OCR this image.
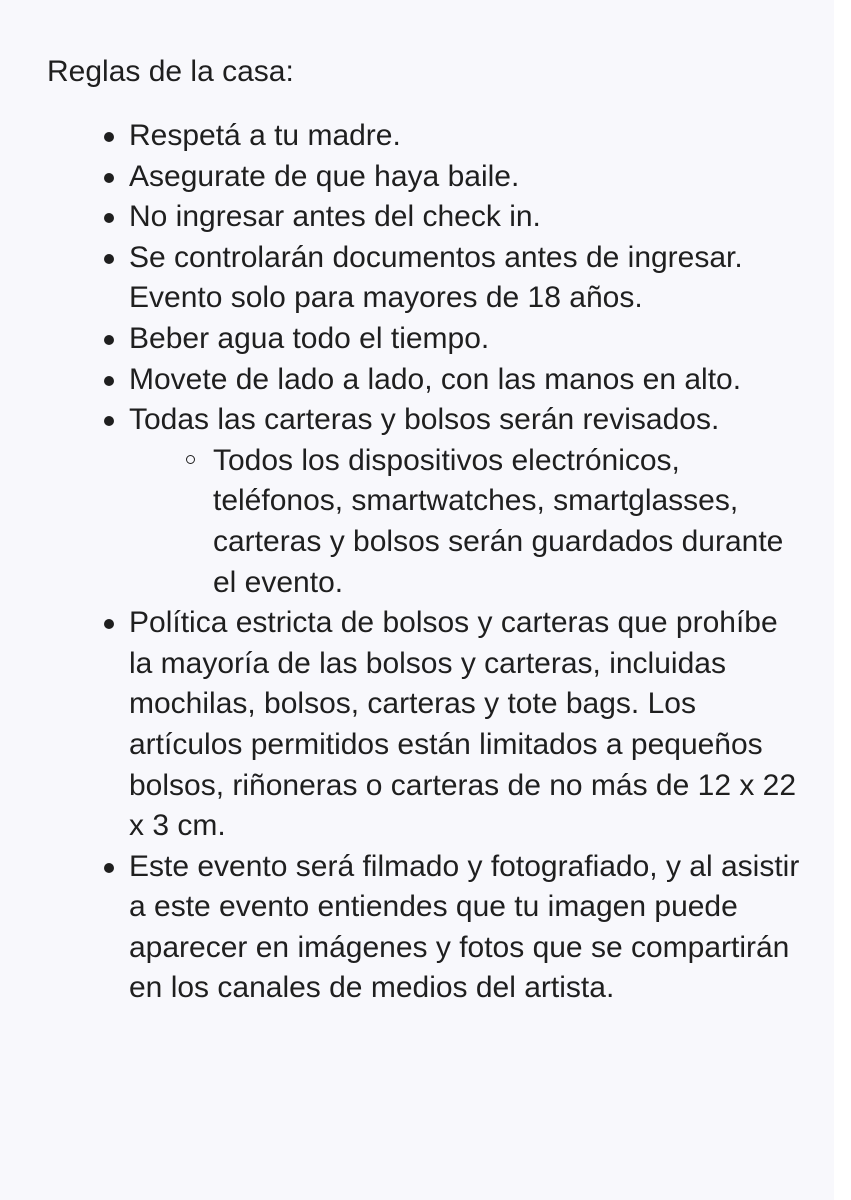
Reglas de la casa:
Respetá a tu madre.
Asegurate de que haya baile.
No ingresar antes del check in.
Se controlarán documentos antes de ingresar. Evento solo para mayores de 18 años.
Beber agua todo el tiempo.
Movete de lado a lado, con las manos en alto.
Todas las carteras y bolsos serán revisados.
Todos los dispositivos electrónicos, teléfonos, smartwatches, smartglasses, carteras y bolsos serán guardados durante el evento.
Política estricta de bolsos y carteras que prohíbe la mayoría de las bolsos y carteras, incluidas mochilas, bolsos, carteras y tote bags. Los artículos permitidos están limitados a pequeños bolsos, riñoneras o carteras de no más de 12 x 22 x 3 cm.
Este evento será filmado y fotografiado, y al asistir a este evento entiendes que tu imagen puede aparecer en imágenes y fotos que se compartirán en los canales de medios del artista.
